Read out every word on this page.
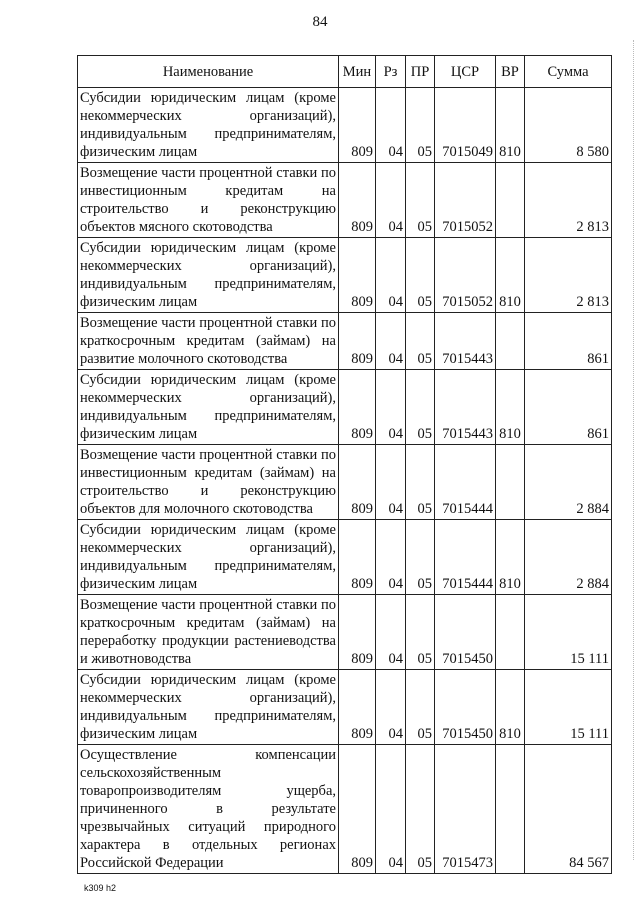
84
Наименование	Мин	Рз	ПР	ЦСР	ВР	Сумма
Субсидии юридическим лицам (кроме некоммерческих организаций), индивидуальным предпринимателям, физическим лицам	809	04	05	7015049	810	8 580
Возмещение части процентной ставки по инвестиционным кредитам на строительство и реконструкцию объектов мясного скотоводства	809	04	05	7015052		2 813
Субсидии юридическим лицам (кроме некоммерческих организаций), индивидуальным предпринимателям, физическим лицам	809	04	05	7015052	810	2 813
Возмещение части процентной ставки по краткосрочным кредитам (займам) на развитие молочного скотоводства	809	04	05	7015443		861
Субсидии юридическим лицам (кроме некоммерческих организаций), индивидуальным предпринимателям, физическим лицам	809	04	05	7015443	810	861
Возмещение части процентной ставки по инвестиционным кредитам (займам) на строительство и реконструкцию объектов для молочного скотоводства	809	04	05	7015444		2 884
Субсидии юридическим лицам (кроме некоммерческих организаций), индивидуальным предпринимателям, физическим лицам	809	04	05	7015444	810	2 884
Возмещение части процентной ставки по краткосрочным кредитам (займам) на переработку продукции растениеводства и животноводства	809	04	05	7015450		15 111
Субсидии юридическим лицам (кроме некоммерческих организаций), индивидуальным предпринимателям, физическим лицам	809	04	05	7015450	810	15 111
Осуществление компенсации сельскохозяйственным товаропроизводителям ущерба, причиненного в результате чрезвычайных ситуаций природного характера в отдельных регионах Российской Федерации	809	04	05	7015473		84 567
k309 h2
